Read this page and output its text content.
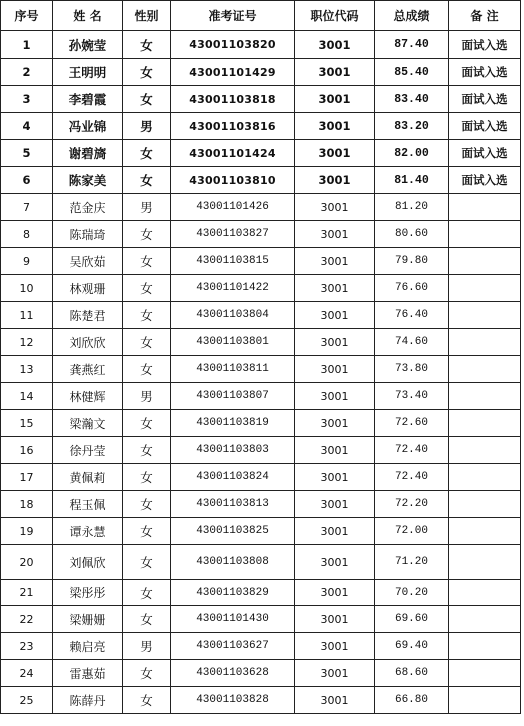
序号	姓 名	性别	准考证号	职位代码	总成绩	备 注
1	孙婉莹	女	43001103820	3001	87.40	面试入选
2	王明明	女	43001101429	3001	85.40	面试入选
3	李碧霞	女	43001103818	3001	83.40	面试入选
4	冯业锦	男	43001103816	3001	83.20	面试入选
5	谢碧旖	女	43001101424	3001	82.00	面试入选
6	陈家美	女	43001103810	3001	81.40	面试入选
7	范金庆	男	43001101426	3001	81.20	
8	陈瑞琦	女	43001103827	3001	80.60	
9	吴欣茹	女	43001103815	3001	79.80	
10	林观珊	女	43001101422	3001	76.60	
11	陈楚君	女	43001103804	3001	76.40	
12	刘欣欣	女	43001103801	3001	74.60	
13	龚燕红	女	43001103811	3001	73.80	
14	林健辉	男	43001103807	3001	73.40	
15	梁瀚文	女	43001103819	3001	72.60	
16	徐丹莹	女	43001103803	3001	72.40	
17	黄佩莉	女	43001103824	3001	72.40	
18	程玉佩	女	43001103813	3001	72.20	
19	谭永慧	女	43001103825	3001	72.00	
20	刘佩欣	女	43001103808	3001	71.20	
21	梁彤彤	女	43001103829	3001	70.20	
22	梁姗姗	女	43001101430	3001	69.60	
23	赖启亮	男	43001103627	3001	69.40	
24	雷惠茹	女	43001103628	3001	68.60	
25	陈薛丹	女	43001103828	3001	66.80	
